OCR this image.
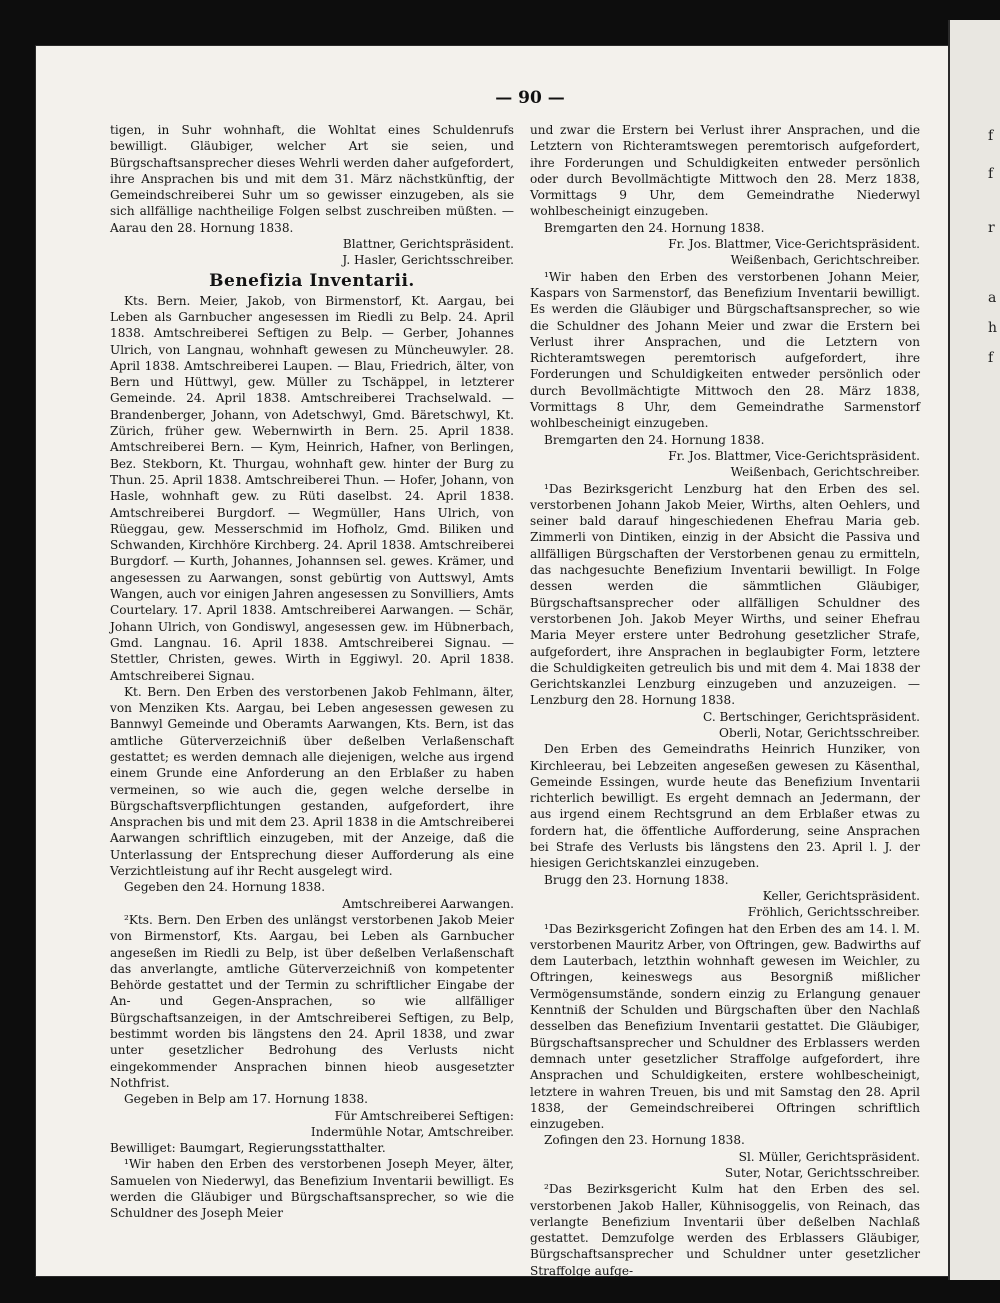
f
f
r
a
h
f
— 90 —

tigen, in Suhr wohnhaft, die Wohltat eines Schuldenrufs bewilligt. Gläubiger, welcher Art sie seien, und Bürgschaftsansprecher dieses Wehrli werden daher aufgefordert, ihre Ansprachen bis und mit dem 31. März nächstkünftig, der Gemeindschreiberei Suhr um so gewisser einzugeben, als sie sich allfällige nachtheilige Folgen selbst zuschreiben müßten. — Aarau den 28. Hornung 1838.

Blattner, Gerichtspräsident.

J. Hasler, Gerichtsschreiber.

Benefizia Inventarii.

Kts. Bern. Meier, Jakob, von Birmenstorf, Kt. Aargau, bei Leben als Garnbucher angesessen im Riedli zu Belp. 24. April 1838. Amtschreiberei Seftigen zu Belp. — Gerber, Johannes Ulrich, von Langnau, wohnhaft gewesen zu Müncheuwyler. 28. April 1838. Amtschreiberei Laupen. — Blau, Friedrich, älter, von Bern und Hüttwyl, gew. Müller zu Tschäppel, in letzterer Gemeinde. 24. April 1838. Amtschreiberei Trachselwald. — Brandenberger, Johann, von Adetschwyl, Gmd. Bäretschwyl, Kt. Zürich, früher gew. Webernwirth in Bern. 25. April 1838. Amtschreiberei Bern. — Kym, Heinrich, Hafner, von Berlingen, Bez. Stekborn, Kt. Thurgau, wohnhaft gew. hinter der Burg zu Thun. 25. April 1838. Amtschreiberei Thun. — Hofer, Johann, von Hasle, wohnhaft gew. zu Rüti daselbst. 24. April 1838. Amtschreiberei Burgdorf. — Wegmüller, Hans Ulrich, von Rüeggau, gew. Messerschmid im Hofholz, Gmd. Biliken und Schwanden, Kirchhöre Kirchberg. 24. April 1838. Amtschreiberei Burgdorf. — Kurth, Johannes, Johannsen sel. gewes. Krämer, und angesessen zu Aarwangen, sonst gebürtig von Auttswyl, Amts Wangen, auch vor einigen Jahren angesessen zu Sonvilliers, Amts Courtelary. 17. April 1838. Amtschreiberei Aarwangen. — Schär, Johann Ulrich, von Gondiswyl, angesessen gew. im Hübnerbach, Gmd. Langnau. 16. April 1838. Amtschreiberei Signau. — Stettler, Christen, gewes. Wirth in Eggiwyl. 20. April 1838. Amtschreiberei Signau.

Kt. Bern. Den Erben des verstorbenen Jakob Fehlmann, älter, von Menziken Kts. Aargau, bei Leben angesessen gewesen zu Bannwyl Gemeinde und Oberamts Aarwangen, Kts. Bern, ist das amtliche Güterverzeichniß über deßelben Verlaßenschaft gestattet; es werden demnach alle diejenigen, welche aus irgend einem Grunde eine Anforderung an den Erblaßer zu haben vermeinen, so wie auch die, gegen welche derselbe in Bürgschaftsverpflichtungen gestanden, aufgefordert, ihre Ansprachen bis und mit dem 23. April 1838 in die Amtschreiberei Aarwangen schriftlich einzugeben, mit der Anzeige, daß die Unterlassung der Entsprechung dieser Aufforderung als eine Verzichtleistung auf ihr Recht ausgelegt wird.

Gegeben den 24. Hornung 1838.

Amtschreiberei Aarwangen.

²Kts. Bern. Den Erben des unlängst verstorbenen Jakob Meier von Birmenstorf, Kts. Aargau, bei Leben als Garnbucher angeseßen im Riedli zu Belp, ist über deßelben Verlaßenschaft das anverlangte, amtliche Güterverzeichniß von kompetenter Behörde gestattet und der Termin zu schriftlicher Eingabe der An- und Gegen-Ansprachen, so wie allfälliger Bürgschaftsanzeigen, in der Amtschreiberei Seftigen, zu Belp, bestimmt worden bis längstens den 24. April 1838, und zwar unter gesetzlicher Bedrohung des Verlusts nicht eingekommender Ansprachen binnen hieob ausgesetzter Nothfrist.

Gegeben in Belp am 17. Hornung 1838.

Für Amtschreiberei Seftigen:

Indermühle Notar, Amtschreiber.

Bewilliget: Baumgart, Regierungsstatthalter.

¹Wir haben den Erben des verstorbenen Joseph Meyer, älter, Samuelen von Niederwyl, das Benefizium Inventarii bewilligt. Es werden die Gläubiger und Bürgschaftsansprecher, so wie die Schuldner des Joseph Meier

und zwar die Erstern bei Verlust ihrer Ansprachen, und die Letztern von Richteramtswegen peremtorisch aufgefordert, ihre Forderungen und Schuldigkeiten entweder persönlich oder durch Bevollmächtigte Mittwoch den 28. Merz 1838, Vormittags 9 Uhr, dem Gemeindrathe Niederwyl wohlbescheinigt einzugeben.

Bremgarten den 24. Hornung 1838.

Fr. Jos. Blattmer, Vice-Gerichtspräsident.

Weißenbach, Gerichtschreiber.

¹Wir haben den Erben des verstorbenen Johann Meier, Kaspars von Sarmenstorf, das Benefizium Inventarii bewilligt. Es werden die Gläubiger und Bürgschaftsansprecher, so wie die Schuldner des Johann Meier und zwar die Erstern bei Verlust ihrer Ansprachen, und die Letztern von Richteramtswegen peremtorisch aufgefordert, ihre Forderungen und Schuldigkeiten entweder persönlich oder durch Bevollmächtigte Mittwoch den 28. März 1838, Vormittags 8 Uhr, dem Gemeindrathe Sarmenstorf wohlbescheinigt einzugeben.

Bremgarten den 24. Hornung 1838.

Fr. Jos. Blattmer, Vice-Gerichtspräsident.

Weißenbach, Gerichtschreiber.

¹Das Bezirksgericht Lenzburg hat den Erben des sel. verstorbenen Johann Jakob Meier, Wirths, alten Oehlers, und seiner bald darauf hingeschiedenen Ehefrau Maria geb. Zimmerli von Dintiken, einzig in der Absicht die Passiva und allfälligen Bürgschaften der Verstorbenen genau zu ermitteln, das nachgesuchte Benefizium Inventarii bewilligt. In Folge dessen werden die sämmtlichen Gläubiger, Bürgschaftsansprecher oder allfälligen Schuldner des verstorbenen Joh. Jakob Meyer Wirths, und seiner Ehefrau Maria Meyer erstere unter Bedrohung gesetzlicher Strafe, aufgefordert, ihre Ansprachen in beglaubigter Form, letztere die Schuldigkeiten getreulich bis und mit dem 4. Mai 1838 der Gerichtskanzlei Lenzburg einzugeben und anzuzeigen. — Lenzburg den 28. Hornung 1838.

C. Bertschinger, Gerichtspräsident.

Oberli, Notar, Gerichtsschreiber.

Den Erben des Gemeindraths Heinrich Hunziker, von Kirchleerau, bei Lebzeiten angeseßen gewesen zu Käsenthal, Gemeinde Essingen, wurde heute das Benefizium Inventarii richterlich bewilligt. Es ergeht demnach an Jedermann, der aus irgend einem Rechtsgrund an dem Erblaßer etwas zu fordern hat, die öffentliche Aufforderung, seine Ansprachen bei Strafe des Verlusts bis längstens den 23. April l. J. der hiesigen Gerichtskanzlei einzugeben.

Brugg den 23. Hornung 1838.

Keller, Gerichtspräsident.

Fröhlich, Gerichtsschreiber.

¹Das Bezirksgericht Zofingen hat den Erben des am 14. l. M. verstorbenen Mauritz Arber, von Oftringen, gew. Badwirths auf dem Lauterbach, letzthin wohnhaft gewesen im Weichler, zu Oftringen, keineswegs aus Besorgniß mißlicher Vermögensumstände, sondern einzig zu Erlangung genauer Kenntniß der Schulden und Bürgschaften über den Nachlaß desselben das Benefizium Inventarii gestattet. Die Gläubiger, Bürgschaftsansprecher und Schuldner des Erblassers werden demnach unter gesetzlicher Straffolge aufgefordert, ihre Ansprachen und Schuldigkeiten, erstere wohlbescheinigt, letztere in wahren Treuen, bis und mit Samstag den 28. April 1838, der Gemeindschreiberei Oftringen schriftlich einzugeben.

Zofingen den 23. Hornung 1838.

Sl. Müller, Gerichtspräsident.

Suter, Notar, Gerichtsschreiber.

²Das Bezirksgericht Kulm hat den Erben des sel. verstorbenen Jakob Haller, Kühnisoggelis, von Reinach, das verlangte Benefizium Inventarii über deßelben Nachlaß gestattet. Demzufolge werden des Erblassers Gläubiger, Bürgschaftsansprecher und Schuldner unter gesetzlicher Straffolge aufge-
